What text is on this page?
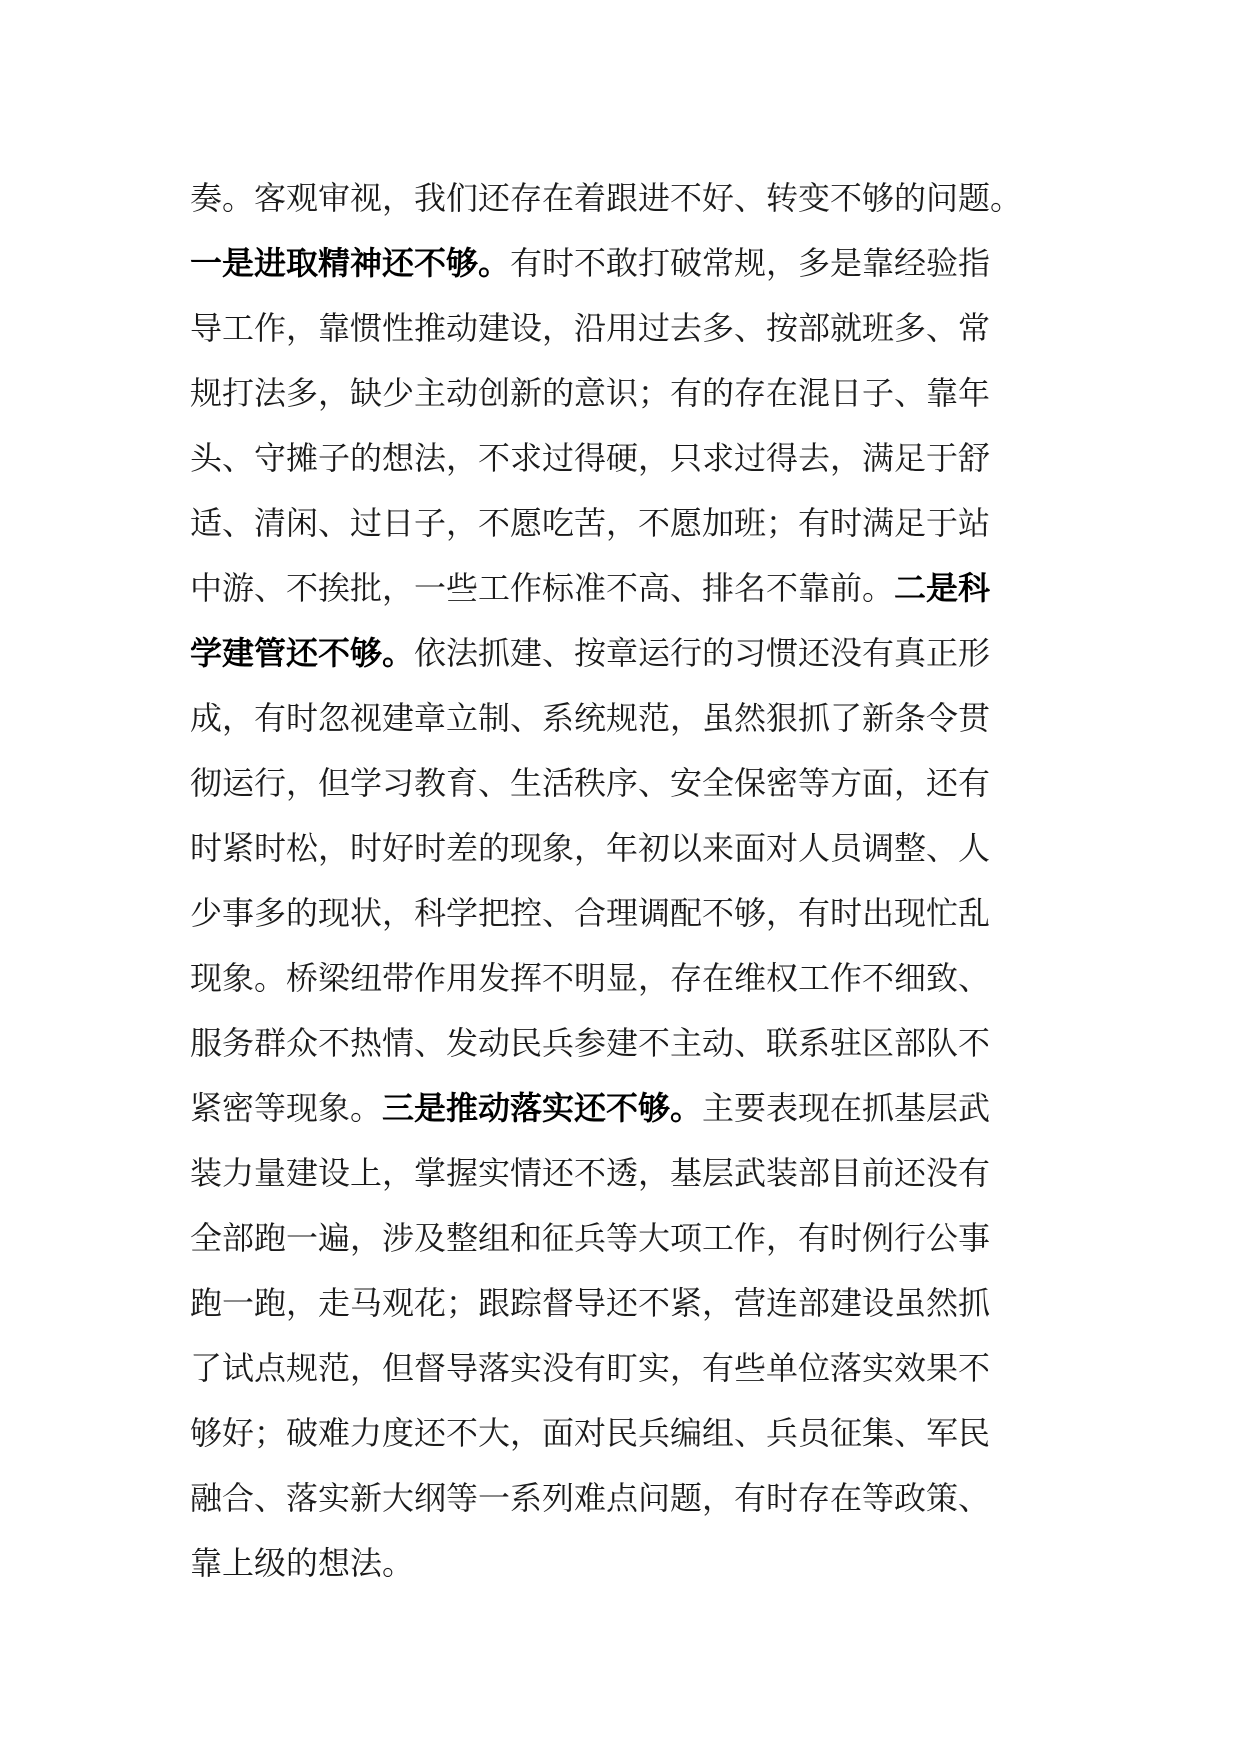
奏。客观审视，我们还存在着跟进不好、转变不够的问题。
一是进取精神还不够。有时不敢打破常规，多是靠经验指
导工作，靠惯性推动建设，沿用过去多、按部就班多、常
规打法多，缺少主动创新的意识；有的存在混日子、靠年
头、守摊子的想法，不求过得硬，只求过得去，满足于舒
适、清闲、过日子，不愿吃苦，不愿加班；有时满足于站
中游、不挨批，一些工作标准不高、排名不靠前。二是科
学建管还不够。依法抓建、按章运行的习惯还没有真正形
成，有时忽视建章立制、系统规范，虽然狠抓了新条令贯
彻运行，但学习教育、生活秩序、安全保密等方面，还有
时紧时松，时好时差的现象，年初以来面对人员调整、人
少事多的现状，科学把控、合理调配不够，有时出现忙乱
现象。桥梁纽带作用发挥不明显，存在维权工作不细致、
服务群众不热情、发动民兵参建不主动、联系驻区部队不
紧密等现象。三是推动落实还不够。主要表现在抓基层武
装力量建设上，掌握实情还不透，基层武装部目前还没有
全部跑一遍，涉及整组和征兵等大项工作，有时例行公事
跑一跑，走马观花；跟踪督导还不紧，营连部建设虽然抓
了试点规范，但督导落实没有盯实，有些单位落实效果不
够好；破难力度还不大，面对民兵编组、兵员征集、军民
融合、落实新大纲等一系列难点问题，有时存在等政策、
靠上级的想法。
